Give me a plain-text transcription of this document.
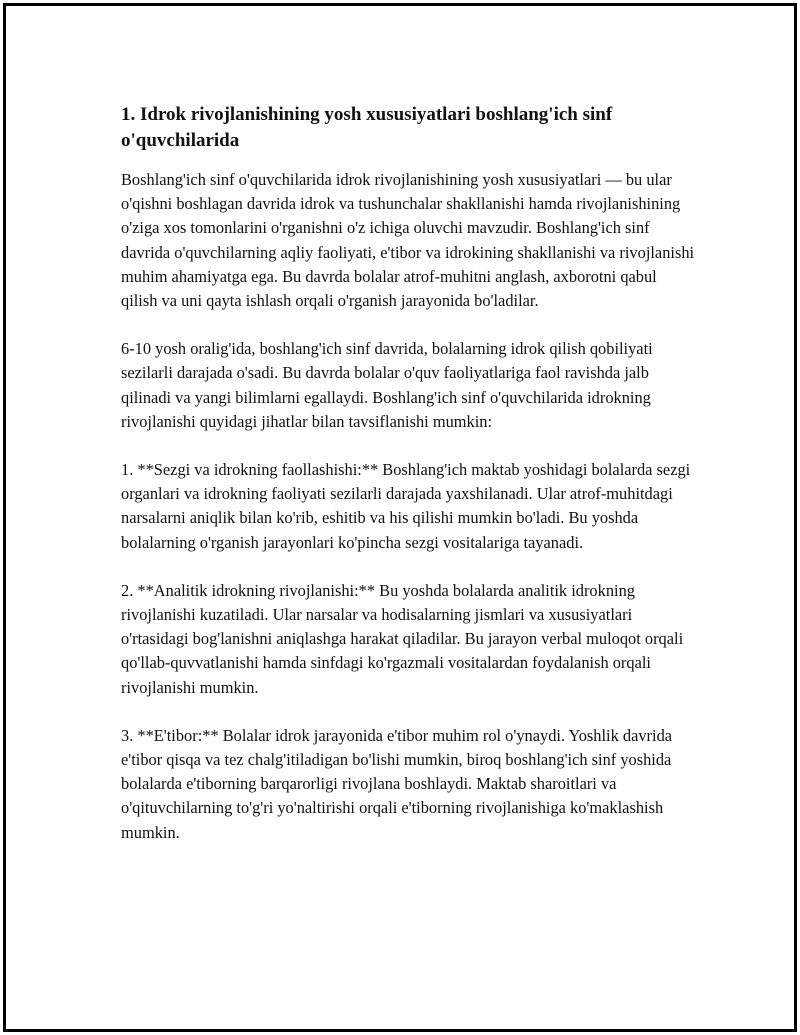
1. Idrok rivojlanishining yosh xususiyatlari boshlang'ich sinf o'quvchilarida

Boshlang'ich sinf o'quvchilarida idrok rivojlanishining yosh xususiyatlari — bu ular o'qishni boshlagan davrida idrok va tushunchalar shakllanishi hamda rivojlanishining o'ziga xos tomonlarini o'rganishni o'z ichiga oluvchi mavzudir. Boshlang'ich sinf davrida o'quvchilarning aqliy faoliyati, e'tibor va idrokining shakllanishi va rivojlanishi muhim ahamiyatga ega. Bu davrda bolalar atrof-muhitni anglash, axborotni qabul qilish va uni qayta ishlash orqali o'rganish jarayonida bo'ladilar.

6-10 yosh oralig'ida, boshlang'ich sinf davrida, bolalarning idrok qilish qobiliyati sezilarli darajada o'sadi. Bu davrda bolalar o'quv faoliyatlariga faol ravishda jalb qilinadi va yangi bilimlarni egallaydi. Boshlang'ich sinf o'quvchilarida idrokning rivojlanishi quyidagi jihatlar bilan tavsiflanishi mumkin:

1. **Sezgi va idrokning faollashishi:** Boshlang'ich maktab yoshidagi bolalarda sezgi organlari va idrokning faoliyati sezilarli darajada yaxshilanadi. Ular atrof-muhitdagi narsalarni aniqlik bilan ko'rib, eshitib va his qilishi mumkin bo'ladi. Bu yoshda bolalarning o'rganish jarayonlari ko'pincha sezgi vositalariga tayanadi.

2. **Analitik idrokning rivojlanishi:** Bu yoshda bolalarda analitik idrokning rivojlanishi kuzatiladi. Ular narsalar va hodisalarning jismlari va xususiyatlari o'rtasidagi bog'lanishni aniqlashga harakat qiladilar. Bu jarayon verbal muloqot orqali qo'llab-quvvatlanishi hamda sinfdagi ko'rgazmali vositalardan foydalanish orqali rivojlanishi mumkin.

3. **E'tibor:** Bolalar idrok jarayonida e'tibor muhim rol o'ynaydi. Yoshlik davrida e'tibor qisqa va tez chalg'itiladigan bo'lishi mumkin, biroq boshlang'ich sinf yoshida bolalarda e'tiborning barqarorligi rivojlana boshlaydi. Maktab sharoitlari va o'qituvchilarning to'g'ri yo'naltirishi orqali e'tiborning rivojlanishiga ko'maklashish mumkin.
